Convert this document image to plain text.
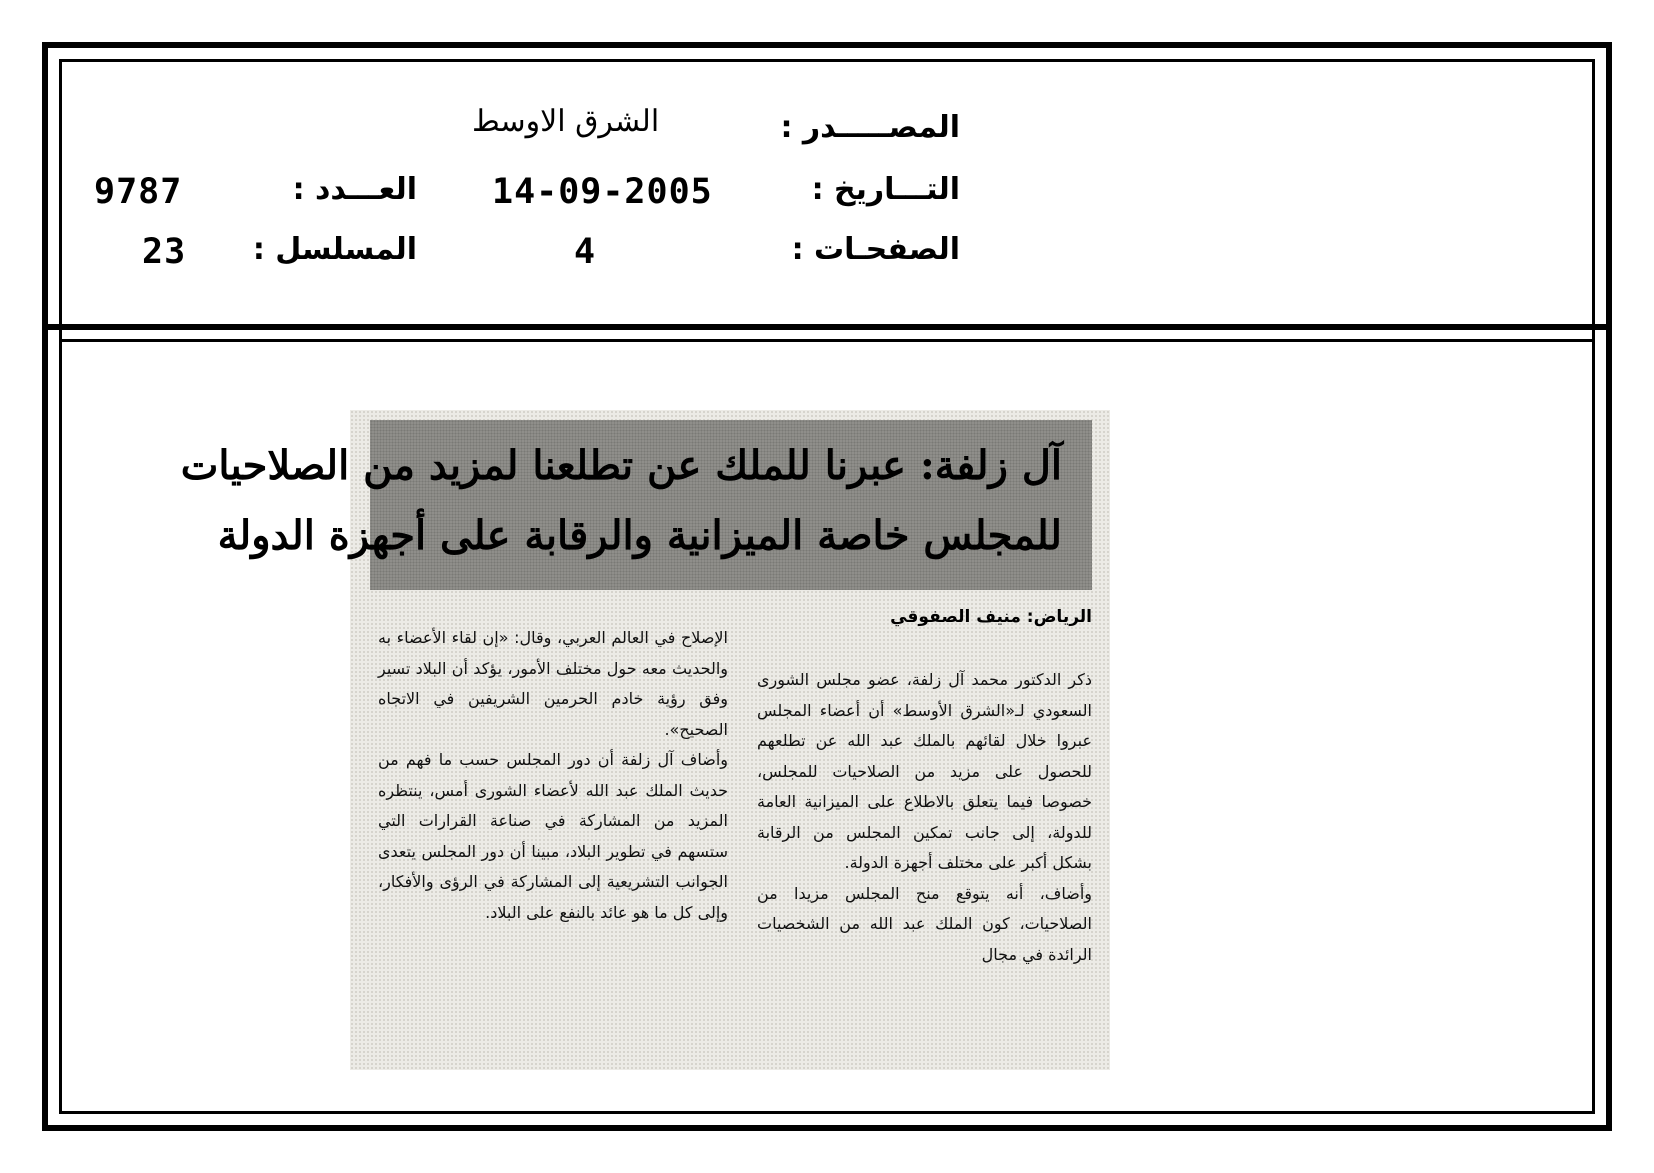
المصـــــدر :
الشرق الاوسط
التـــاريخ :
14-09-2005
العـــدد :
9787
الصفحـات :
4
المسلسل :
23
آل زلفة: عبرنا للملك عن تطلعنا لمزيد من الصلاحيات
للمجلس خاصة الميزانية والرقابة على أجهزة الدولة
الرياض: منيف الصفوقي

ذكر الدكتور محمد آل زلفة، عضو مجلس الشورى السعودي لـ«الشرق الأوسط» أن أعضاء المجلس عبروا خلال لقائهم بالملك عبد الله عن تطلعهم للحصول على مزيد من الصلاحيات للمجلس، خصوصا فيما يتعلق بالاطلاع على الميزانية العامة للدولة، إلى جانب تمكين المجلس من الرقابة بشكل أكبر على مختلف أجهزة الدولة.

وأضاف، أنه يتوقع منح المجلس مزيدا من الصلاحيات، كون الملك عبد الله من الشخصيات الرائدة في مجال

الإصلاح في العالم العربي، وقال: «إن لقاء الأعضاء به والحديث معه حول مختلف الأمور، يؤكد أن البلاد تسير وفق رؤية خادم الحرمين الشريفين في الاتجاه الصحيح».

وأضاف آل زلفة أن دور المجلس حسب ما فهم من حديث الملك عبد الله لأعضاء الشورى أمس، ينتظره المزيد من المشاركة في صناعة القرارات التي ستسهم في تطوير البلاد، مبينا أن دور المجلس يتعدى الجوانب التشريعية إلى المشاركة في الرؤى والأفكار، وإلى كل ما هو عائد بالنفع على البلاد.
